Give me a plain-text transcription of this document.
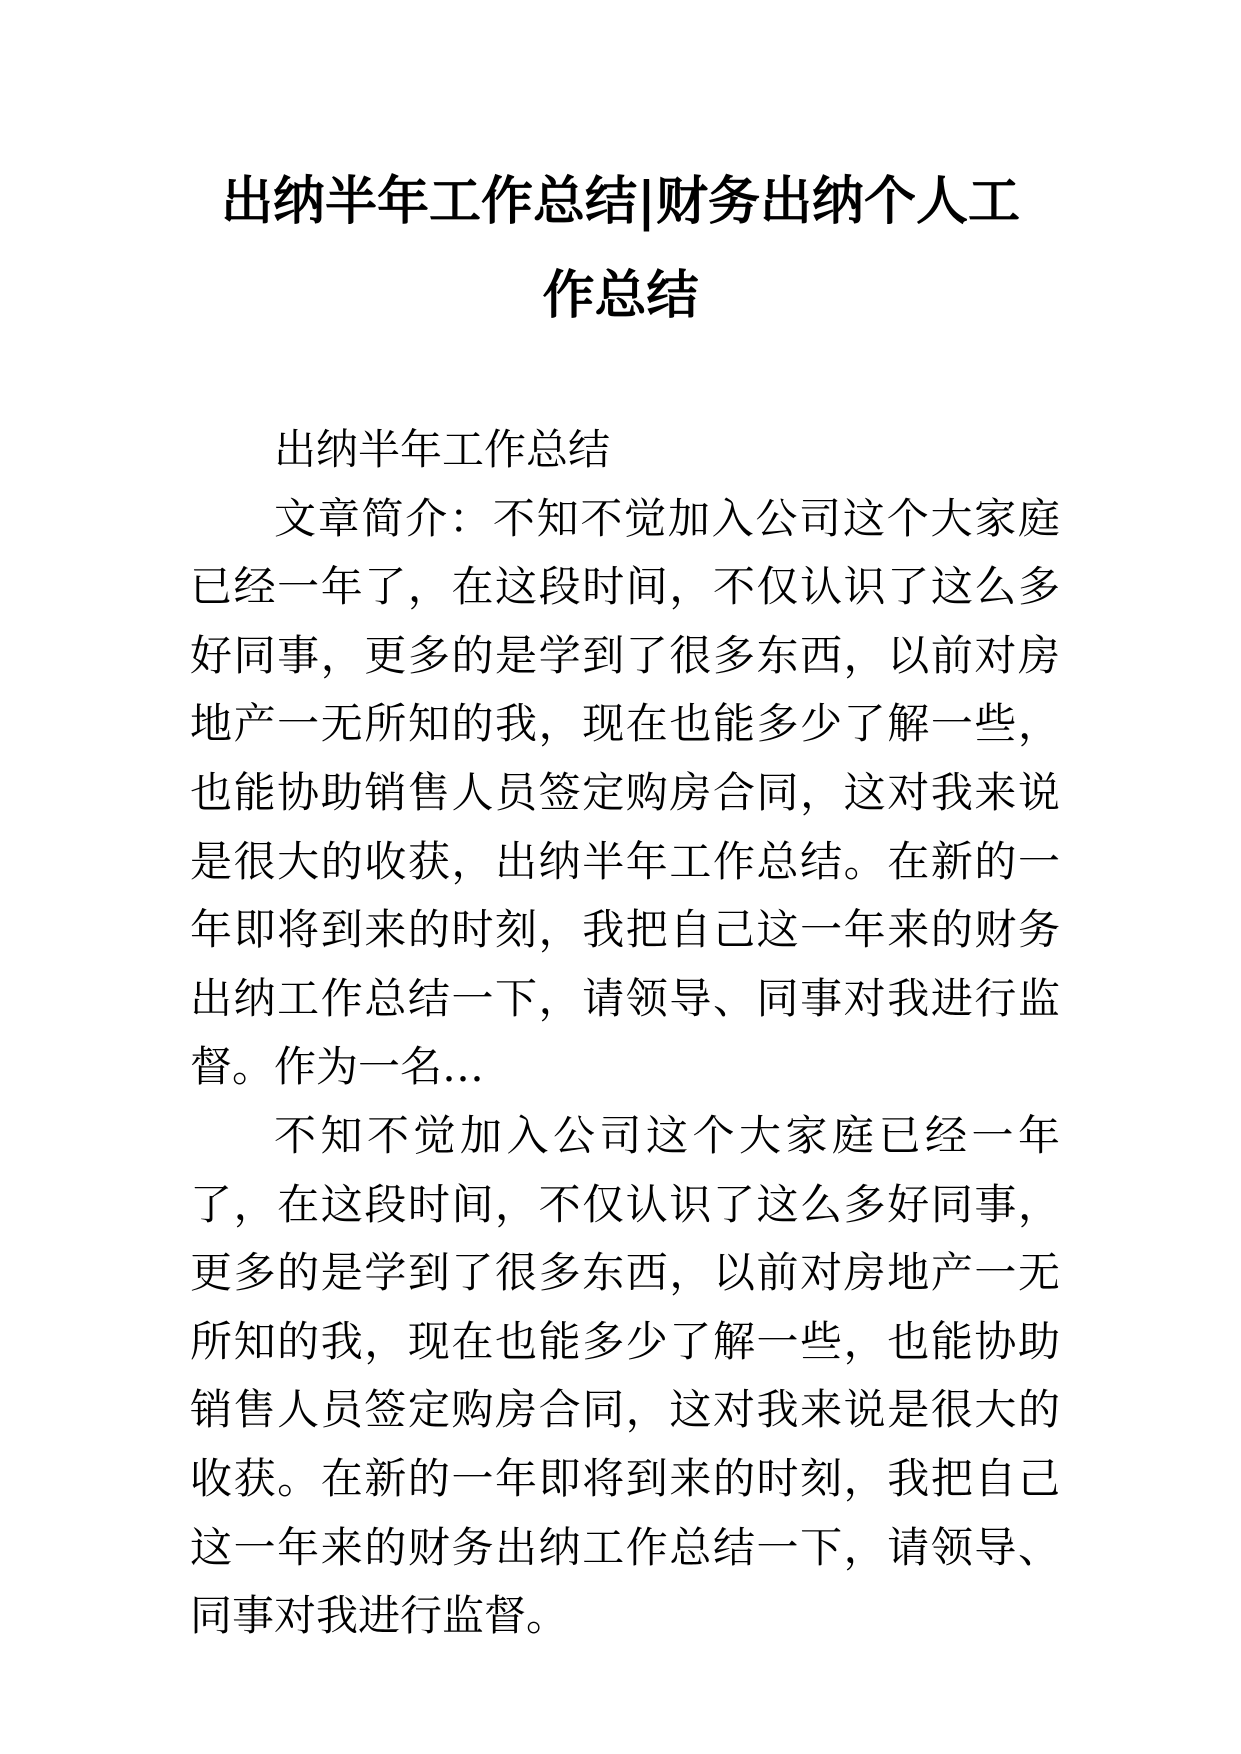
出纳半年工作总结|财务出纳个人工
作总结

出纳半年工作总结

文章简介：不知不觉加入公司这个大家庭已经一年了，在这段时间，不仅认识了这么多好同事，更多的是学到了很多东西，以前对房地产一无所知的我，现在也能多少了解一些，也能协助销售人员签定购房合同，这对我来说是很大的收获，出纳半年工作总结。在新的一年即将到来的时刻，我把自己这一年来的财务出纳工作总结一下，请领导、同事对我进行监督。作为一名…

不知不觉加入公司这个大家庭已经一年了，在这段时间，不仅认识了这么多好同事，更多的是学到了很多东西，以前对房地产一无所知的我，现在也能多少了解一些，也能协助销售人员签定购房合同，这对我来说是很大的收获。在新的一年即将到来的时刻，我把自己这一年来的财务出纳工作总结一下，请领导、同事对我进行监督。
